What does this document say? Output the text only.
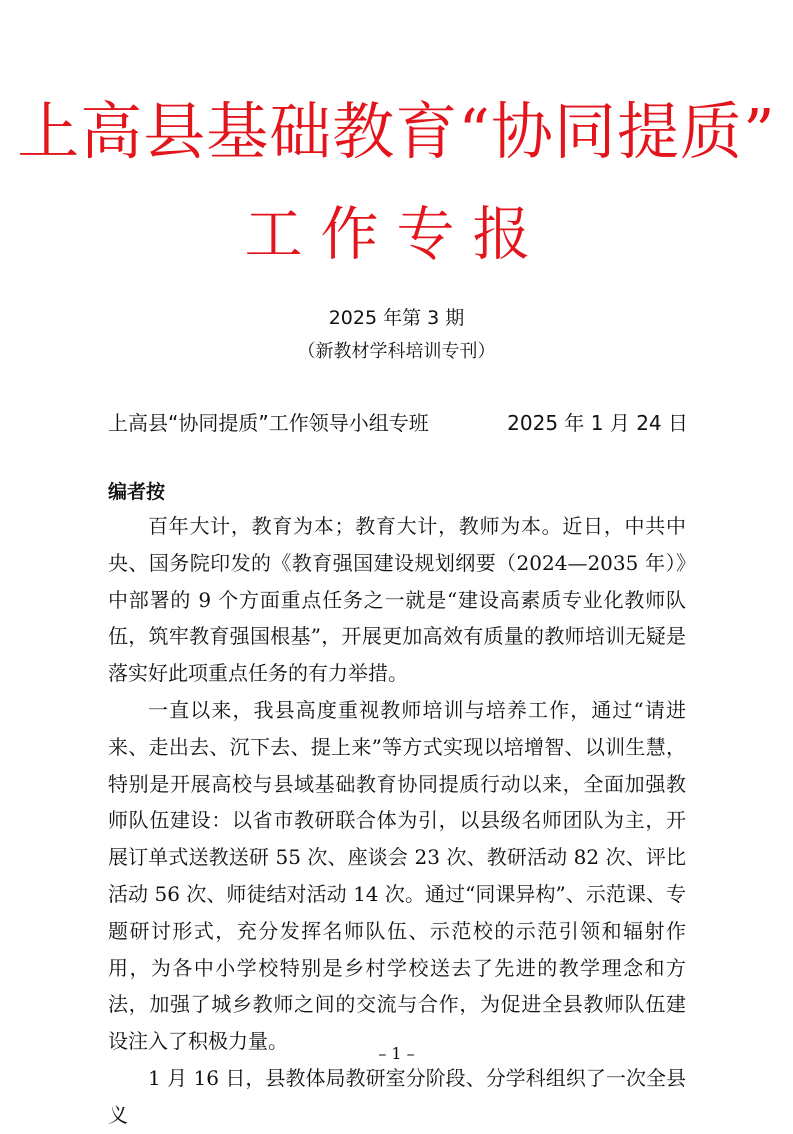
上高县基础教育“协同提质”
工作专报
2025 年第 3 期
（新教材学科培训专刊）
上高县“协同提质”工作领导小组专班	2025 年 1 月 24 日
编者按

百年大计，教育为本；教育大计，教师为本。近日，中共中央、国务院印发的《教育强国建设规划纲要（2024—2035 年）》中部署的 9 个方面重点任务之一就是“建设高素质专业化教师队伍，筑牢教育强国根基”，开展更加高效有质量的教师培训无疑是落实好此项重点任务的有力举措。

一直以来，我县高度重视教师培训与培养工作，通过“请进来、走出去、沉下去、提上来”等方式实现以培增智、以训生慧，特别是开展高校与县域基础教育协同提质行动以来，全面加强教师队伍建设：以省市教研联合体为引，以县级名师团队为主，开展订单式送教送研 55 次、座谈会 23 次、教研活动 82 次、评比活动 56 次、师徒结对活动 14 次。通过“同课异构”、示范课、专题研讨形式，充分发挥名师队伍、示范校的示范引领和辐射作用，为各中小学校特别是乡村学校送去了先进的教学理念和方法，加强了城乡教师之间的交流与合作，为促进全县教师队伍建设注入了积极力量。

1 月 16 日，县教体局教研室分阶段、分学科组织了一次全县义

– 1 –
